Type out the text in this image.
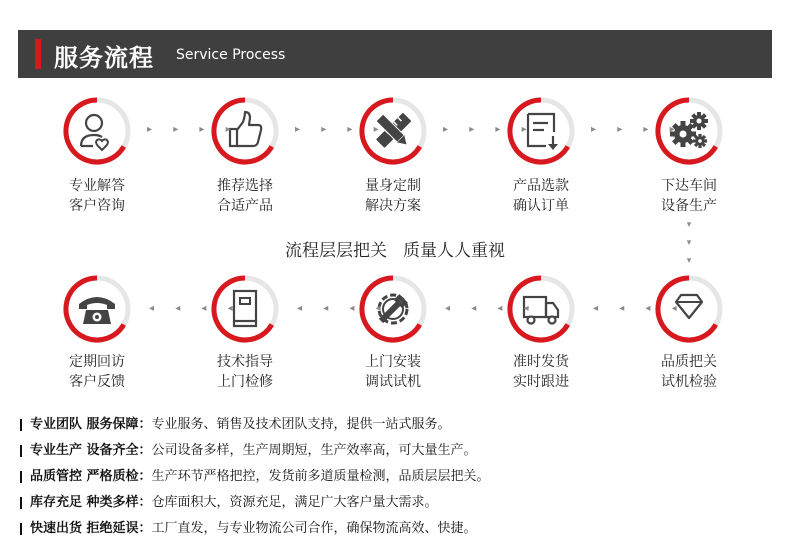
服务流程 Service Process
专业解答
客户咨询
推荐选择
合适产品
量身定制
解决方案
产品选款
确认订单
下达车间
设备生产
▸ ▸ ▸ ▸	▸ ▸ ▸ ▸	▸ ▸ ▸ ▸	▸ ▸ ▸ ▸
▾
▾
▾
流程层层把关 质量人人重视
定期回访
客户反馈
技术指导
上门检修
上门安装
调试试机
准时发货
实时跟进
品质把关
试机检验
◂ ◂ ◂ ◂	◂ ◂ ◂ ◂	◂ ◂ ◂ ◂	◂ ◂ ◂ ◂
专业团队 服务保障：专业服务、销售及技术团队支持，提供一站式服务。
专业生产 设备齐全：公司设备多样，生产周期短，生产效率高，可大量生产。
品质管控 严格质检：生产环节严格把控，发货前多道质量检测，品质层层把关。
库存充足 种类多样：仓库面积大，资源充足，满足广大客户量大需求。
快速出货 拒绝延误：工厂直发，与专业物流公司合作，确保物流高效、快捷。
